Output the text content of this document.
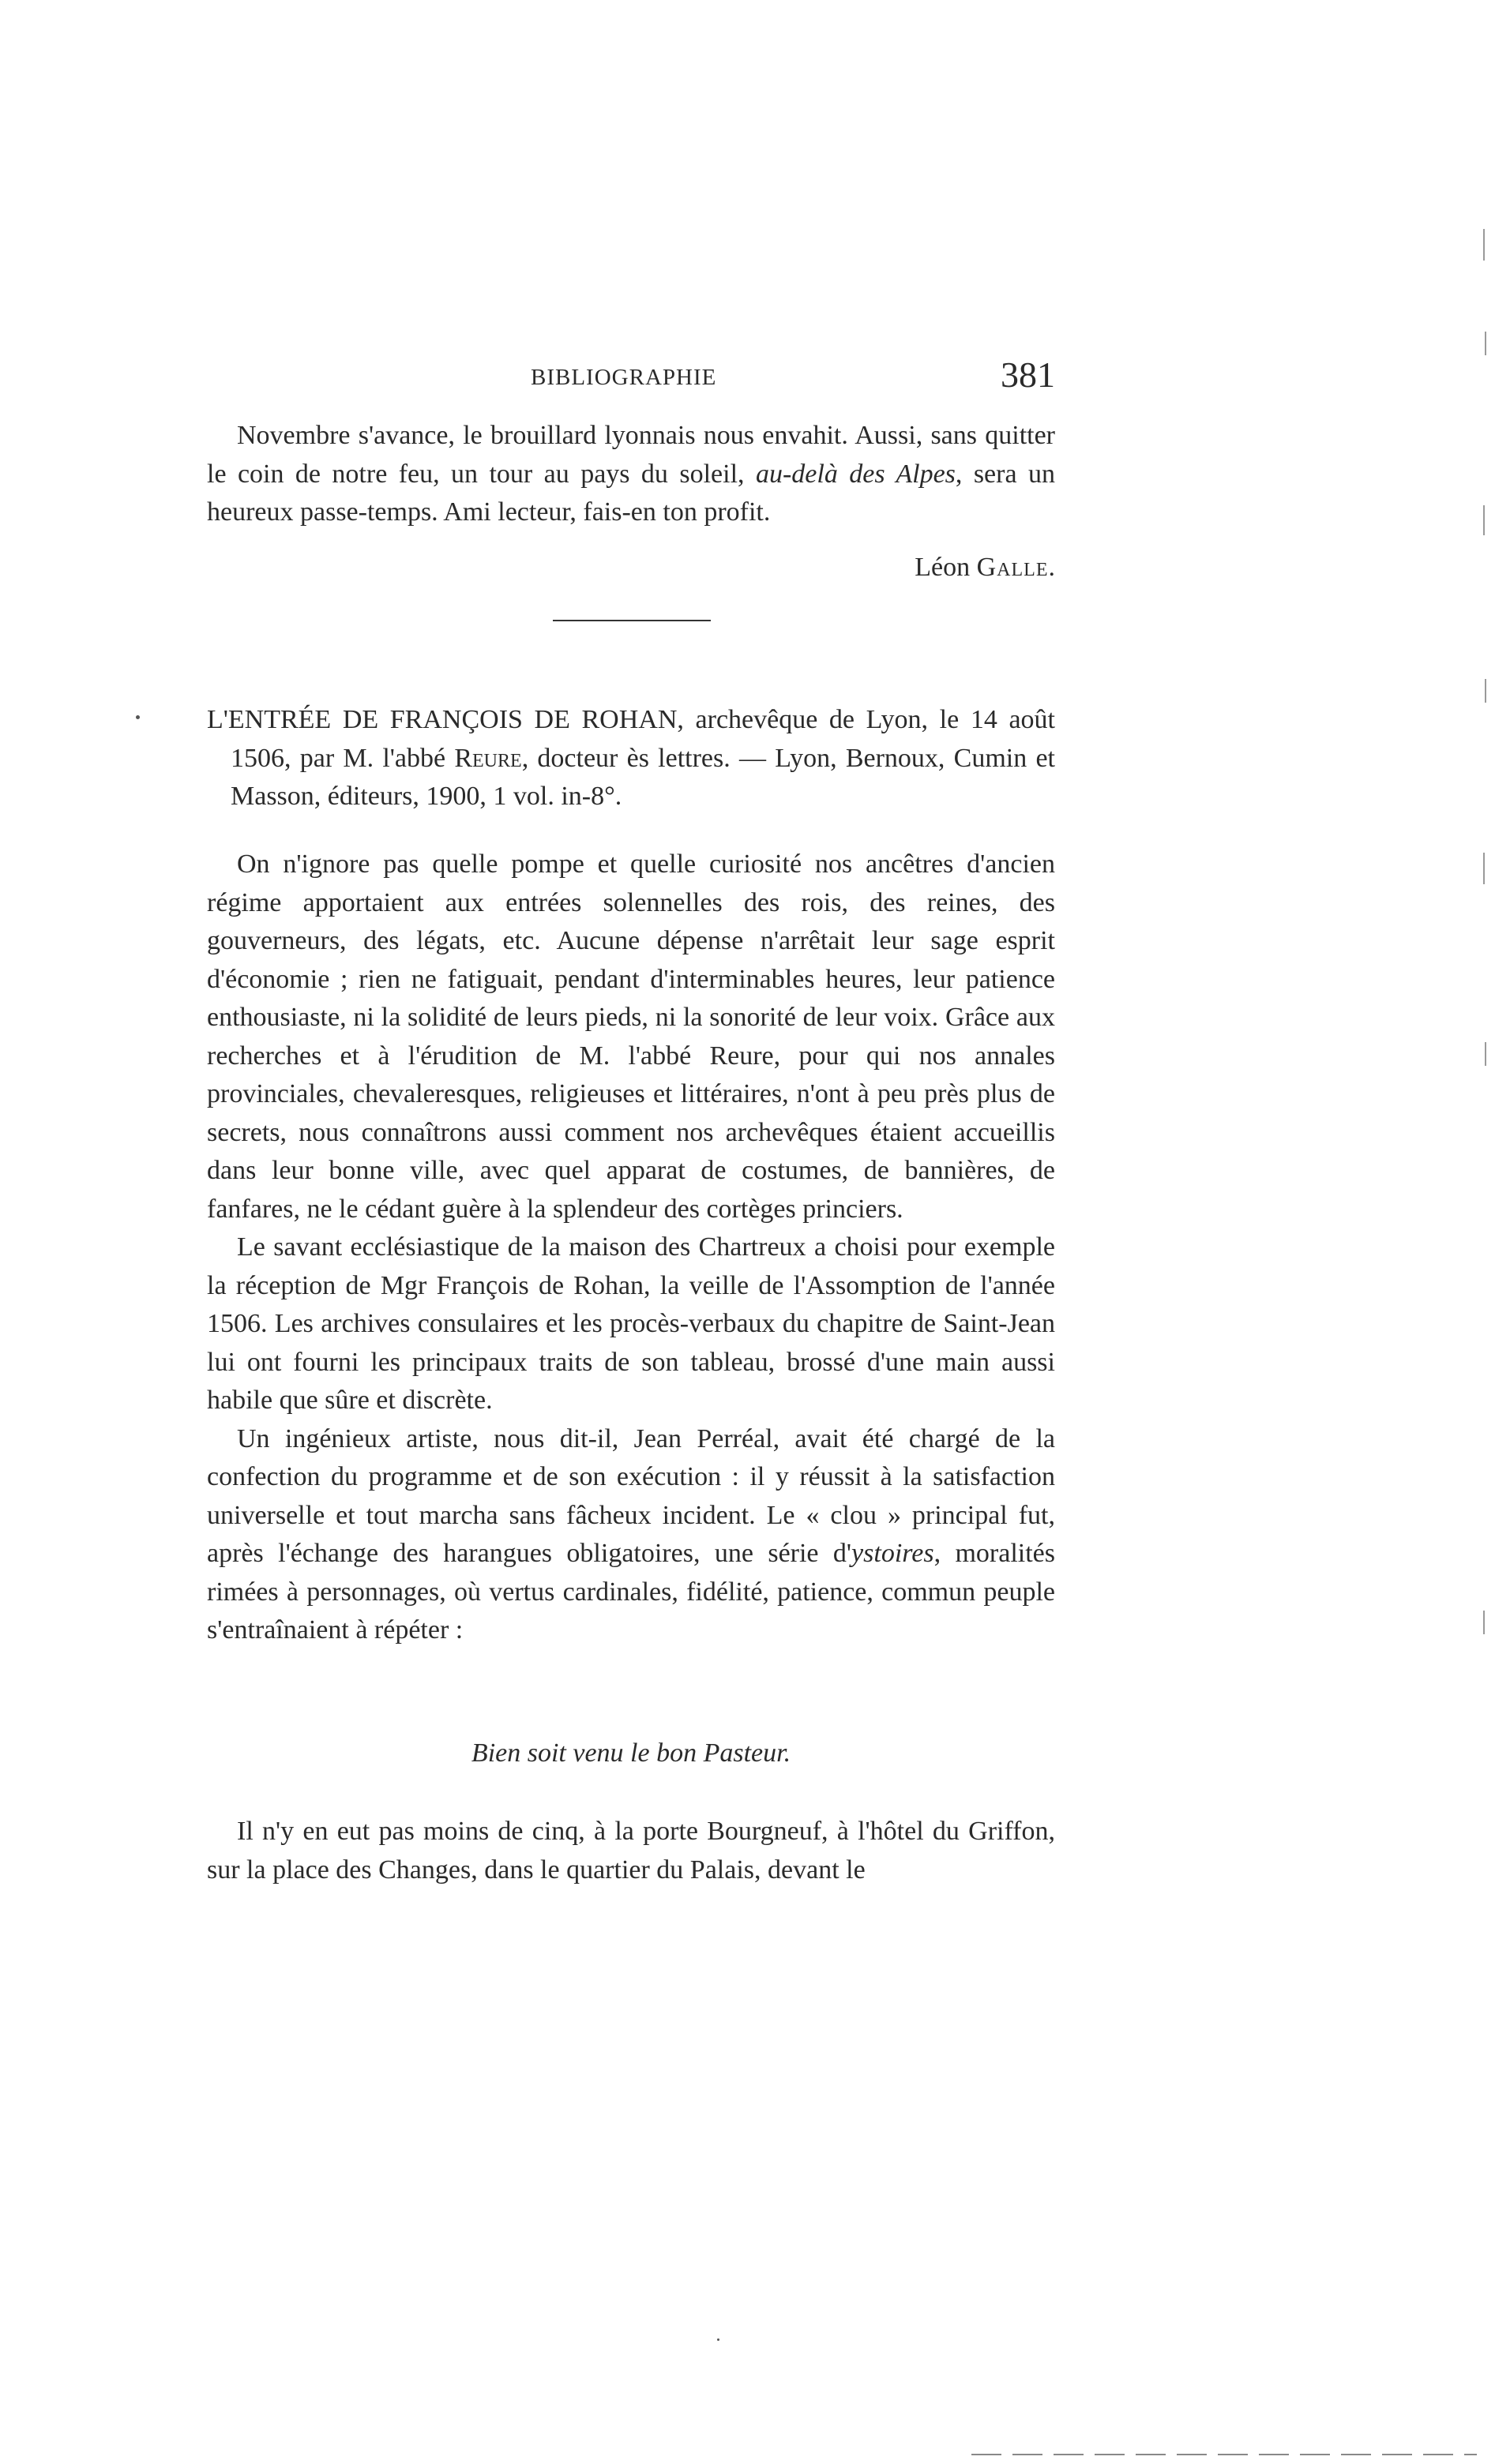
BIBLIOGRAPHIE	381

Novembre s'avance, le brouillard lyonnais nous envahit. Aussi, sans quitter le coin de notre feu, un tour au pays du soleil, au-delà des Alpes, sera un heureux passe-temps. Ami lecteur, fais-en ton profit.

Léon Galle.

L'ENTRÉE DE FRANÇOIS DE ROHAN, archevêque de Lyon, le 14 août 1506, par M. l'abbé Reure, docteur ès lettres. — Lyon, Bernoux, Cumin et Masson, éditeurs, 1900, 1 vol. in-8°.

On n'ignore pas quelle pompe et quelle curiosité nos ancêtres d'ancien régime apportaient aux entrées solennelles des rois, des reines, des gouverneurs, des légats, etc. Aucune dépense n'arrêtait leur sage esprit d'économie ; rien ne fatiguait, pendant d'interminables heures, leur patience enthousiaste, ni la solidité de leurs pieds, ni la sonorité de leur voix. Grâce aux recherches et à l'érudition de M. l'abbé Reure, pour qui nos annales provinciales, chevaleresques, religieuses et littéraires, n'ont à peu près plus de secrets, nous connaîtrons aussi comment nos archevêques étaient accueillis dans leur bonne ville, avec quel apparat de costumes, de bannières, de fanfares, ne le cédant guère à la splendeur des cortèges princiers.

Le savant ecclésiastique de la maison des Chartreux a choisi pour exemple la réception de Mgr François de Rohan, la veille de l'Assomption de l'année 1506. Les archives consulaires et les procès-verbaux du chapitre de Saint-Jean lui ont fourni les principaux traits de son tableau, brossé d'une main aussi habile que sûre et discrète.

Un ingénieux artiste, nous dit-il, Jean Perréal, avait été chargé de la confection du programme et de son exécution : il y réussit à la satisfaction universelle et tout marcha sans fâcheux incident. Le « clou » principal fut, après l'échange des harangues obligatoires, une série d'ystoires, moralités rimées à personnages, où vertus cardinales, fidélité, patience, commun peuple s'entraînaient à répéter :

Bien soit venu le bon Pasteur.

Il n'y en eut pas moins de cinq, à la porte Bourgneuf, à l'hôtel du Griffon, sur la place des Changes, dans le quartier du Palais, devant le
